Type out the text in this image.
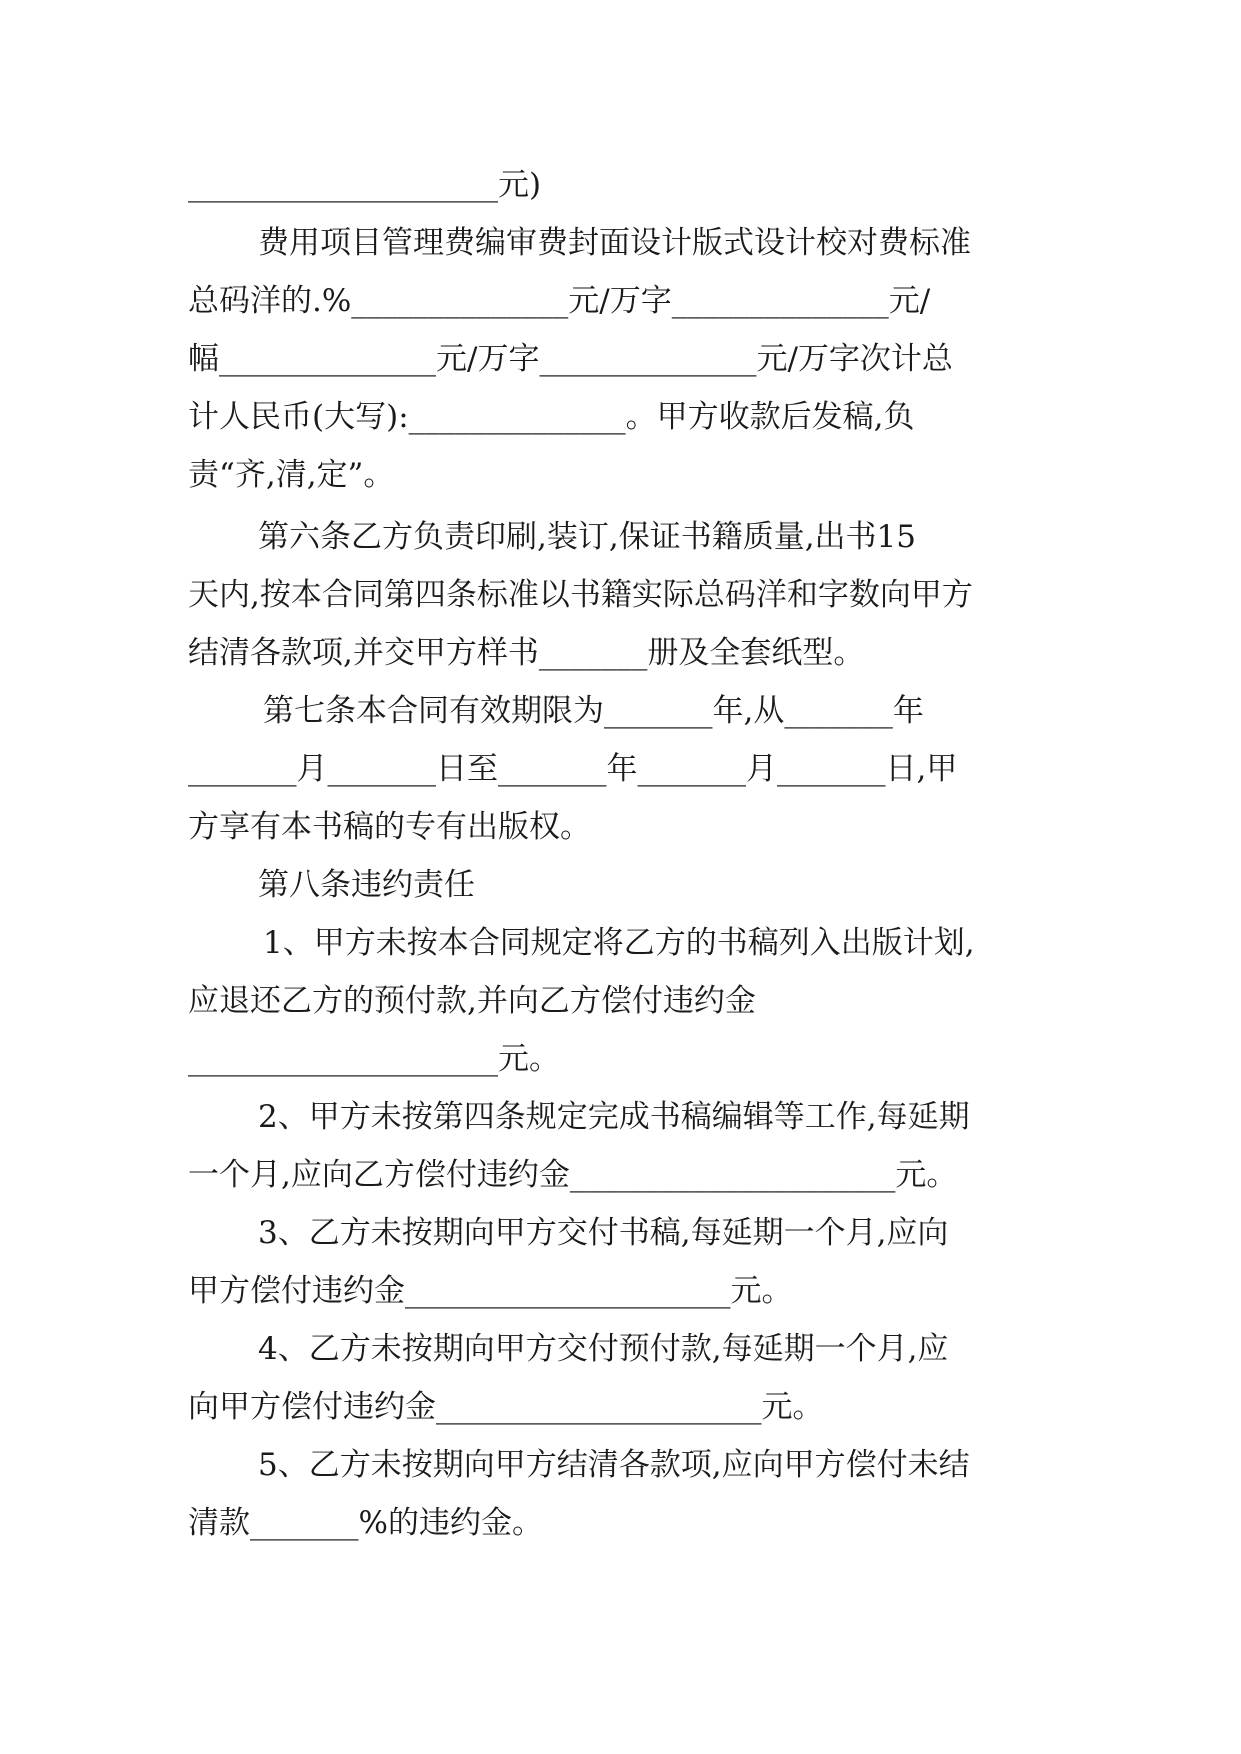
____________________元)
费用项目管理费编审费封面设计版式设计校对费标准
总码洋的.%______________元/万字______________元/
幅______________元/万字______________元/万字次计总
计人民币(大写):______________。甲方收款后发稿,负
责“齐,清,定”。
第六条乙方负责印刷,装订,保证书籍质量,出书15
天内,按本合同第四条标准以书籍实际总码洋和字数向甲方
结清各款项,并交甲方样书_______册及全套纸型。
第七条本合同有效期限为_______年,从_______年
_______月_______日至_______年_______月_______日,甲
方享有本书稿的专有出版权。
第八条违约责任
1、甲方未按本合同规定将乙方的书稿列入出版计划,
应退还乙方的预付款,并向乙方偿付违约金
____________________元。
2、甲方未按第四条规定完成书稿编辑等工作,每延期
一个月,应向乙方偿付违约金_____________________元。
3、乙方未按期向甲方交付书稿,每延期一个月,应向
甲方偿付违约金_____________________元。
4、乙方未按期向甲方交付预付款,每延期一个月,应
向甲方偿付违约金_____________________元。
5、乙方未按期向甲方结清各款项,应向甲方偿付未结
清款_______%的违约金。
